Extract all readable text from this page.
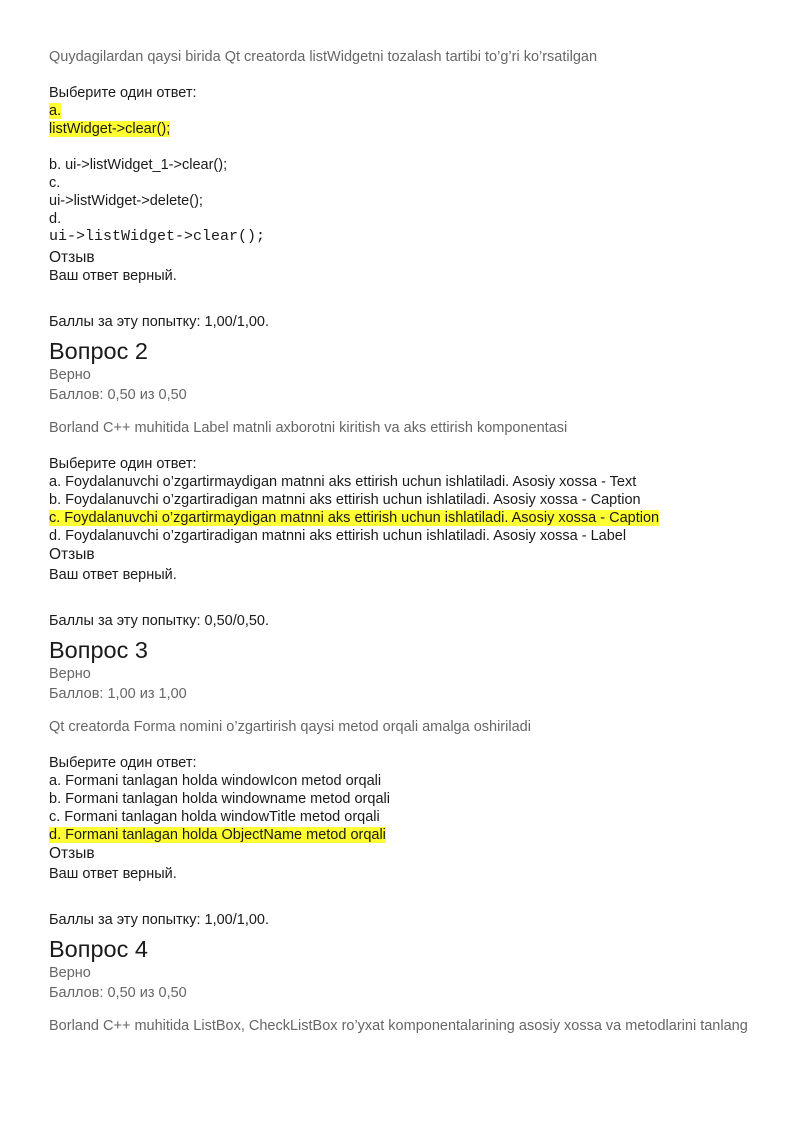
Quydagilardan qaysi birida Qt creatorda listWidgetni tozalash tartibi to’g’ri ko’rsatilgan

Выберите один ответ:

a.

listWidget->clear();

b. ui->listWidget_1->clear();

c.

ui->listWidget->delete();

d.

ui->listWidget->clear();

Отзыв

Ваш ответ верный.

Баллы за эту попытку: 1,00/1,00.

Вопрос 2

Верно

Баллов: 0,50 из 0,50

Borland C++ muhitida Label matnli axborotni kiritish va aks ettirish komponentasi

Выберите один ответ:

a. Foydalanuvchi o’zgartirmaydigan matnni aks ettirish uchun ishlatiladi. Asosiy xossa - Text

b. Foydalanuvchi o’zgartiradigan matnni aks ettirish uchun ishlatiladi. Asosiy xossa - Caption

c. Foydalanuvchi o’zgartirmaydigan matnni aks ettirish uchun ishlatiladi. Asosiy xossa - Caption

d. Foydalanuvchi o’zgartiradigan matnni aks ettirish uchun ishlatiladi. Asosiy xossa - Label

Отзыв

Ваш ответ верный.

Баллы за эту попытку: 0,50/0,50.

Вопрос 3

Верно

Баллов: 1,00 из 1,00

Qt creatorda Forma nomini o’zgartirish qaysi metod orqali amalga oshiriladi

Выберите один ответ:

a. Formani tanlagan holda windowIcon metod orqali

b. Formani tanlagan holda windowname metod orqali

c. Formani tanlagan holda windowTitle metod orqali

d. Formani tanlagan holda ObjectName metod orqali

Отзыв

Ваш ответ верный.

Баллы за эту попытку: 1,00/1,00.

Вопрос 4

Верно

Баллов: 0,50 из 0,50

Borland C++ muhitida ListBox, CheckListBox ro’yxat komponentalarining asosiy xossa va metodlarini tanlang
